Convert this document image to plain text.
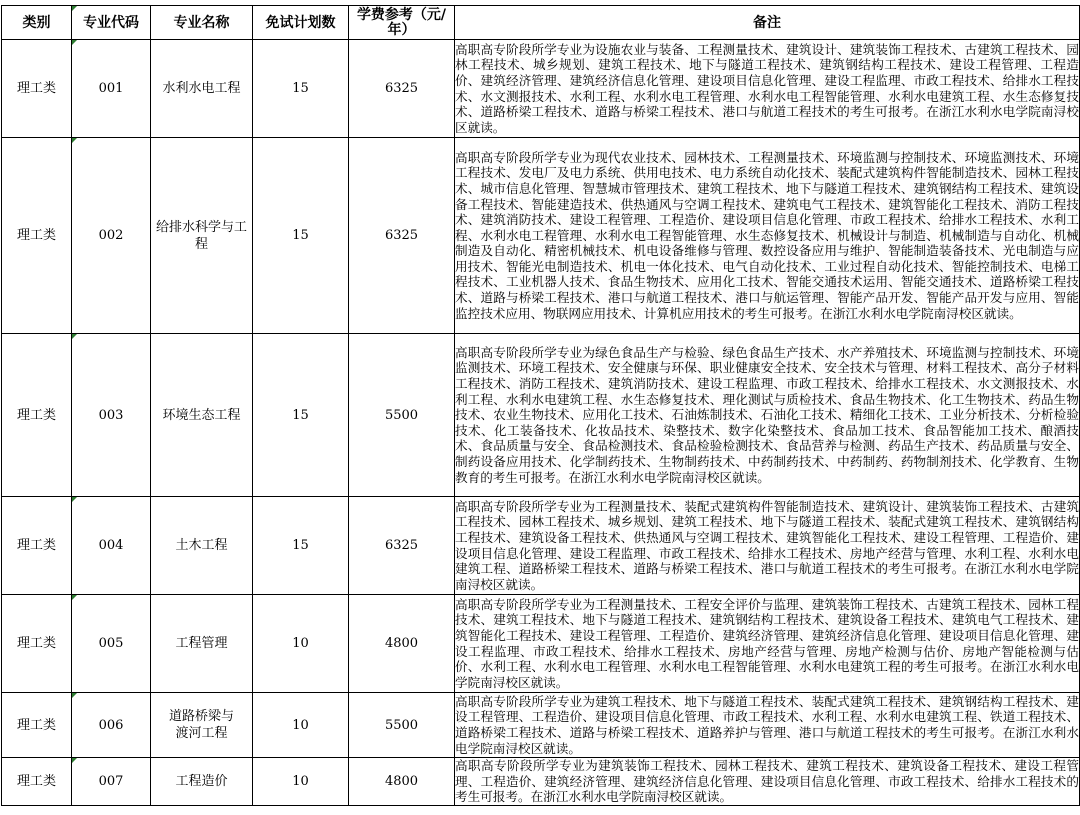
类别	专业代码	专业名称	免试计划数	学费参考（元/年）	备注
理工类	001	水利水电工程	15	6325	高职高专阶段所学专业为设施农业与装备、工程测量技术、建筑设计、建筑装饰工程技术、古建筑工程技术、园林工程技术、城乡规划、建筑工程技术、地下与隧道工程技术、建筑钢结构工程技术、建设工程管理、工程造价、建筑经济管理、建筑经济信息化管理、建设项目信息化管理、建设工程监理、市政工程技术、给排水工程技术、水文测报技术、水利工程、水利水电工程管理、水利水电工程智能管理、水利水电建筑工程、水生态修复技术、道路桥梁工程技术、道路与桥梁工程技术、港口与航道工程技术的考生可报考。在浙江水利水电学院南浔校区就读。
理工类	002	给排水科学与工程	15	6325	高职高专阶段所学专业为现代农业技术、园林技术、工程测量技术、环境监测与控制技术、环境监测技术、环境工程技术、发电厂及电力系统、供用电技术、电力系统自动化技术、装配式建筑构件智能制造技术、园林工程技术、城市信息化管理、智慧城市管理技术、建筑工程技术、地下与隧道工程技术、建筑钢结构工程技术、建筑设备工程技术、智能建造技术、供热通风与空调工程技术、建筑电气工程技术、建筑智能化工程技术、消防工程技术、建筑消防技术、建设工程管理、工程造价、建设项目信息化管理、市政工程技术、给排水工程技术、水利工程、水利水电工程管理、水利水电工程智能管理、水生态修复技术、机械设计与制造、机械制造与自动化、机械制造及自动化、精密机械技术、机电设备维修与管理、数控设备应用与维护、智能制造装备技术、光电制造与应用技术、智能光电制造技术、机电一体化技术、电气自动化技术、工业过程自动化技术、智能控制技术、电梯工程技术、工业机器人技术、食品生物技术、应用化工技术、智能交通技术运用、智能交通技术、道路桥梁工程技术、道路与桥梁工程技术、港口与航道工程技术、港口与航运管理、智能产品开发、智能产品开发与应用、智能监控技术应用、物联网应用技术、计算机应用技术的考生可报考。在浙江水利水电学院南浔校区就读。
理工类	003	环境生态工程	15	5500	高职高专阶段所学专业为绿色食品生产与检验、绿色食品生产技术、水产养殖技术、环境监测与控制技术、环境监测技术、环境工程技术、安全健康与环保、职业健康安全技术、安全技术与管理、材料工程技术、高分子材料工程技术、消防工程技术、建筑消防技术、建设工程监理、市政工程技术、给排水工程技术、水文测报技术、水利工程、水利水电建筑工程、水生态修复技术、理化测试与质检技术、食品生物技术、化工生物技术、药品生物技术、农业生物技术、应用化工技术、石油炼制技术、石油化工技术、精细化工技术、工业分析技术、分析检验技术、化工装备技术、化妆品技术、染整技术、数字化染整技术、食品加工技术、食品智能加工技术、酿酒技术、食品质量与安全、食品检测技术、食品检验检测技术、食品营养与检测、药品生产技术、药品质量与安全、制药设备应用技术、化学制药技术、生物制药技术、中药制药技术、中药制药、药物制剂技术、化学教育、生物教育的考生可报考。在浙江水利水电学院南浔校区就读。
理工类	004	土木工程	15	6325	高职高专阶段所学专业为工程测量技术、装配式建筑构件智能制造技术、建筑设计、建筑装饰工程技术、古建筑工程技术、园林工程技术、城乡规划、建筑工程技术、地下与隧道工程技术、装配式建筑工程技术、建筑钢结构工程技术、建筑设备工程技术、供热通风与空调工程技术、建筑智能化工程技术、建设工程管理、工程造价、建设项目信息化管理、建设工程监理、市政工程技术、给排水工程技术、房地产经营与管理、水利工程、水利水电建筑工程、道路桥梁工程技术、道路与桥梁工程技术、港口与航道工程技术的考生可报考。在浙江水利水电学院南浔校区就读。
理工类	005	工程管理	10	4800	高职高专阶段所学专业为工程测量技术、工程安全评价与监理、建筑装饰工程技术、古建筑工程技术、园林工程技术、建筑工程技术、地下与隧道工程技术、建筑钢结构工程技术、建筑设备工程技术、建筑电气工程技术、建筑智能化工程技术、建设工程管理、工程造价、建筑经济管理、建筑经济信息化管理、建设项目信息化管理、建设工程监理、市政工程技术、给排水工程技术、房地产经营与管理、房地产检测与估价、房地产智能检测与估价、水利工程、水利水电工程管理、水利水电工程智能管理、水利水电建筑工程的考生可报考。在浙江水利水电学院南浔校区就读。
理工类	006	道路桥梁与渡河工程	10	5500	高职高专阶段所学专业为建筑工程技术、地下与隧道工程技术、装配式建筑工程技术、建筑钢结构工程技术、建设工程管理、工程造价、建设项目信息化管理、市政工程技术、水利工程、水利水电建筑工程、铁道工程技术、道路桥梁工程技术、道路与桥梁工程技术、道路养护与管理、港口与航道工程技术的考生可报考。在浙江水利水电学院南浔校区就读。
理工类	007	工程造价	10	4800	高职高专阶段所学专业为建筑装饰工程技术、园林工程技术、建筑工程技术、建筑设备工程技术、建设工程管理、工程造价、建筑经济管理、建筑经济信息化管理、建设项目信息化管理、市政工程技术、给排水工程技术的考生可报考。在浙江水利水电学院南浔校区就读。
